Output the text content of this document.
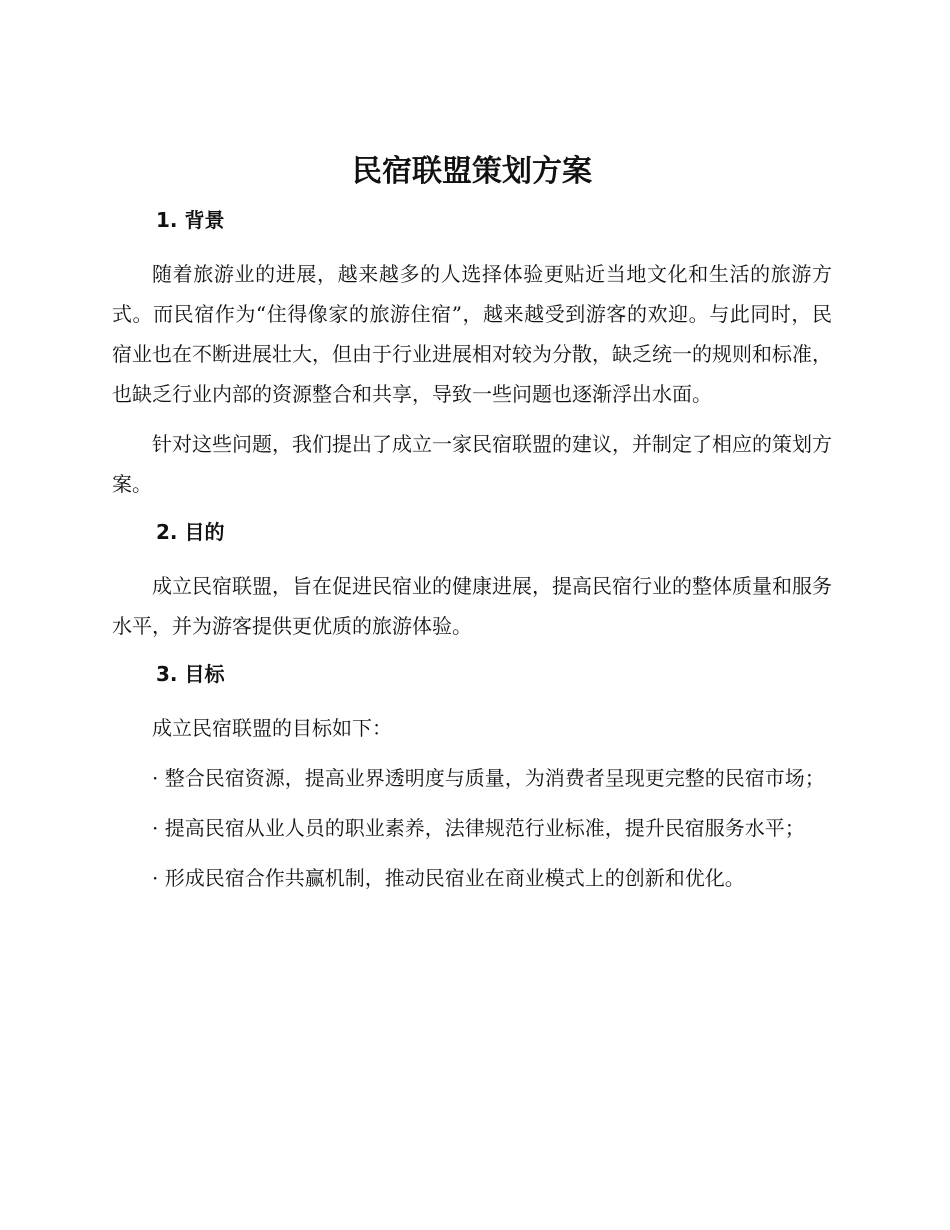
民宿联盟策划方案
1. 背景

随着旅游业的进展，越来越多的人选择体验更贴近当地文化和生活的旅游方式。而民宿作为“住得像家的旅游住宿”，越来越受到游客的欢迎。与此同时，民宿业也在不断进展壮大，但由于行业进展相对较为分散，缺乏统一的规则和标准，也缺乏行业内部的资源整合和共享，导致一些问题也逐渐浮出水面。

针对这些问题，我们提出了成立一家民宿联盟的建议，并制定了相应的策划方案。

2. 目的

成立民宿联盟，旨在促进民宿业的健康进展，提高民宿行业的整体质量和服务水平，并为游客提供更优质的旅游体验。

3. 目标

成立民宿联盟的目标如下：

· 整合民宿资源，提高业界透明度与质量，为消费者呈现更完整的民宿市场；

· 提高民宿从业人员的职业素养，法律规范行业标准，提升民宿服务水平；

· 形成民宿合作共赢机制，推动民宿业在商业模式上的创新和优化。
